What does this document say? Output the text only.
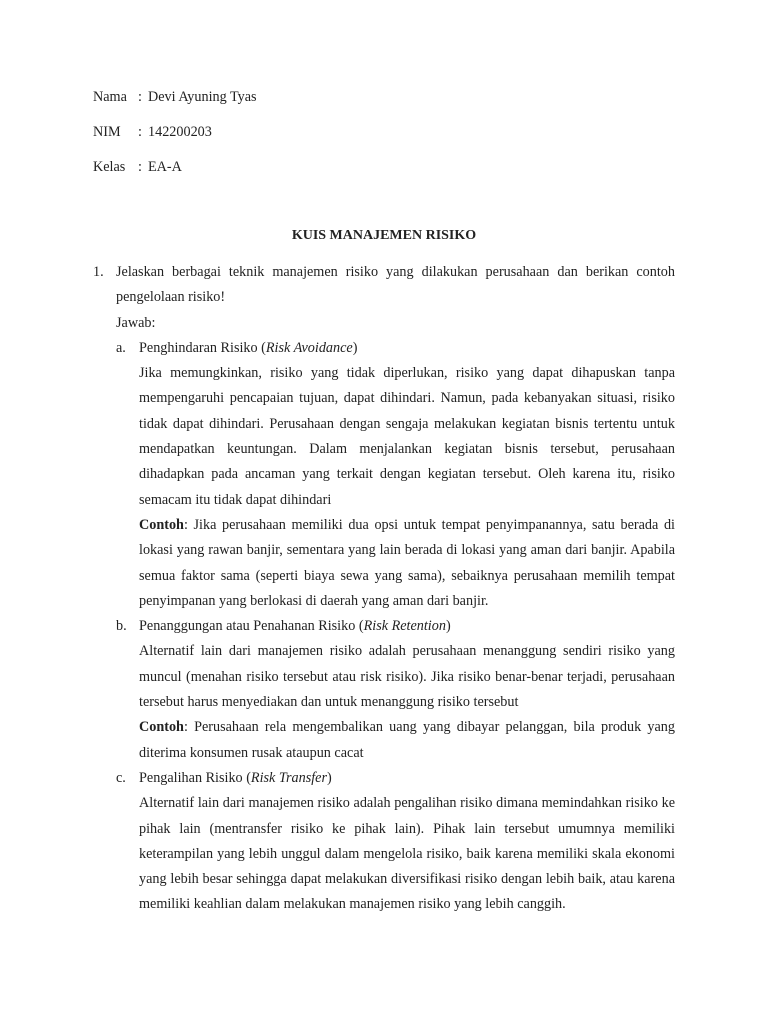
Nama : Devi Ayuning Tyas
NIM : 142200203
Kelas : EA-A
KUIS MANAJEMEN RISIKO
1. Jelaskan berbagai teknik manajemen risiko yang dilakukan perusahaan dan berikan contoh pengelolaan risiko!
Jawab:
a. Penghindaran Risiko (Risk Avoidance)
Jika memungkinkan, risiko yang tidak diperlukan, risiko yang dapat dihapuskan tanpa mempengaruhi pencapaian tujuan, dapat dihindari. Namun, pada kebanyakan situasi, risiko tidak dapat dihindari. Perusahaan dengan sengaja melakukan kegiatan bisnis tertentu untuk mendapatkan keuntungan. Dalam menjalankan kegiatan bisnis tersebut, perusahaan dihadapkan pada ancaman yang terkait dengan kegiatan tersebut. Oleh karena itu, risiko semacam itu tidak dapat dihindari
Contoh: Jika perusahaan memiliki dua opsi untuk tempat penyimpanannya, satu berada di lokasi yang rawan banjir, sementara yang lain berada di lokasi yang aman dari banjir. Apabila semua faktor sama (seperti biaya sewa yang sama), sebaiknya perusahaan memilih tempat penyimpanan yang berlokasi di daerah yang aman dari banjir.
b. Penanggungan atau Penahanan Risiko (Risk Retention)
Alternatif lain dari manajemen risiko adalah perusahaan menanggung sendiri risiko yang muncul (menahan risiko tersebut atau risk risiko). Jika risiko benar-benar terjadi, perusahaan tersebut harus menyediakan dan untuk menanggung risiko tersebut
Contoh: Perusahaan rela mengembalikan uang yang dibayar pelanggan, bila produk yang diterima konsumen rusak ataupun cacat
c. Pengalihan Risiko (Risk Transfer)
Alternatif lain dari manajemen risiko adalah pengalihan risiko dimana memindahkan risiko ke pihak lain (mentransfer risiko ke pihak lain). Pihak lain tersebut umumnya memiliki keterampilan yang lebih unggul dalam mengelola risiko, baik karena memiliki skala ekonomi yang lebih besar sehingga dapat melakukan diversifikasi risiko dengan lebih baik, atau karena memiliki keahlian dalam melakukan manajemen risiko yang lebih canggih.
